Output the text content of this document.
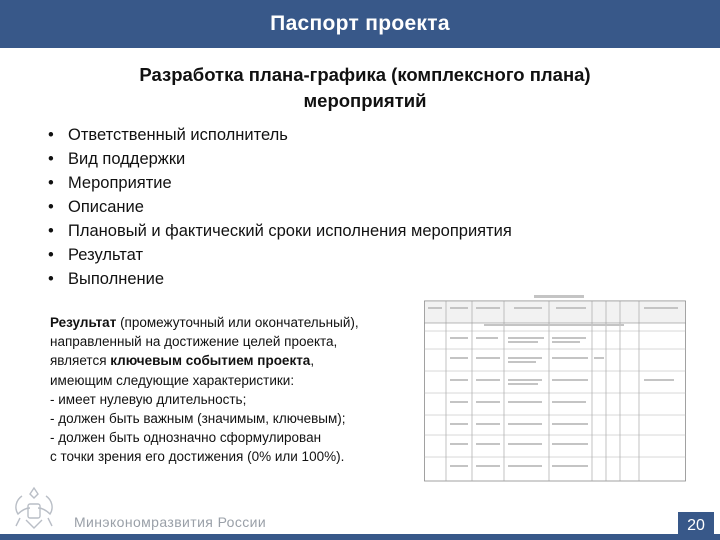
Паспорт проекта
Разработка плана-графика (комплексного плана)
мероприятий
• Ответственный исполнитель
• Вид поддержки
• Мероприятие
• Описание
• Плановый и фактический сроки исполнения мероприятия
• Результат
• Выполнение
Результат (промежуточный или окончательный),
направленный на достижение целей проекта,
является ключевым событием проекта,
имеющим следующие характеристики:
- имеет нулевую длительность;
- должен быть важным (значимым, ключевым);
- должен быть однозначно сформулирован
с точки зрения его достижения (0% или 100%).
Минэкономразвития России	20
